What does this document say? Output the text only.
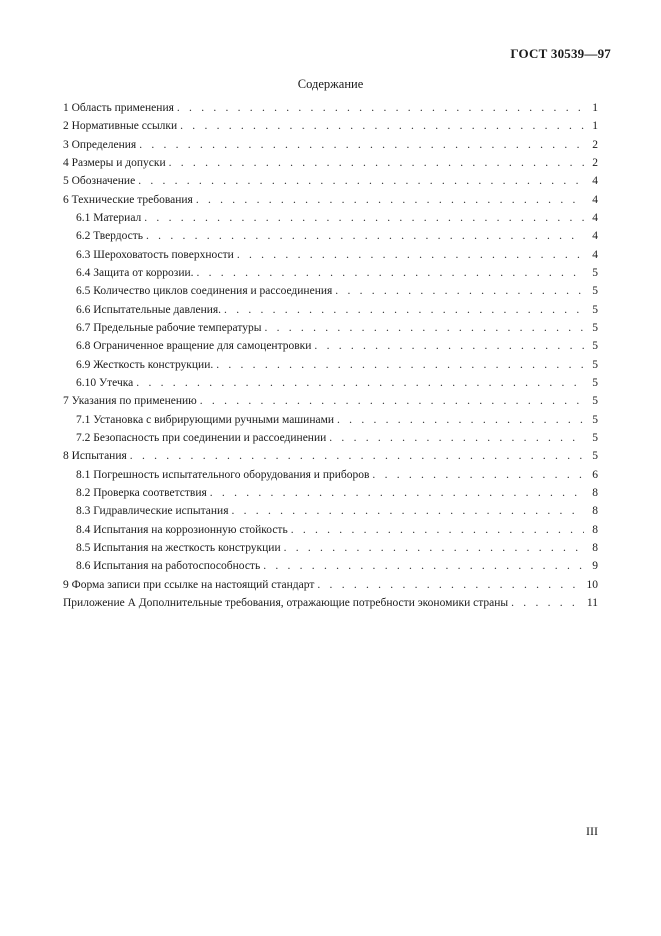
ГОСТ 30539—97
Содержание
1 Область применения . . .	1
2 Нормативные ссылки . . .	1
3 Определения . . .	2
4 Размеры и допуски . . .	2
5 Обозначение . . .	4
6 Технические требования . . .	4
6.1 Материал . . .	4
6.2 Твердость . . .	4
6.3 Шероховатость поверхности . . .	4
6.4 Защита от коррозии. . . .	5
6.5 Количество циклов соединения и рассоединения . . .	5
6.6 Испытательные давления. . . .	5
6.7 Предельные рабочие температуры . . .	5
6.8 Ограниченное вращение для самоцентровки . . .	5
6.9 Жесткость конструкции. . . .	5
6.10 Утечка . . .	5
7 Указания по применению . . .	5
7.1 Установка с вибрирующими ручными машинами . . .	5
7.2 Безопасность при соединении и рассоединении . . .	5
8 Испытания . . .	5
8.1 Погрешность испытательного оборудования и приборов . . .	6
8.2 Проверка соответствия . . .	8
8.3 Гидравлические испытания . . .	8
8.4 Испытания на коррозионную стойкость . . .	8
8.5 Испытания на жесткость конструкции . . .	8
8.6 Испытания на работоспособность . . .	9
9 Форма записи при ссылке на настоящий стандарт . . .	10
Приложение А Дополнительные требования, отражающие потребности экономики страны . . .	11
III
